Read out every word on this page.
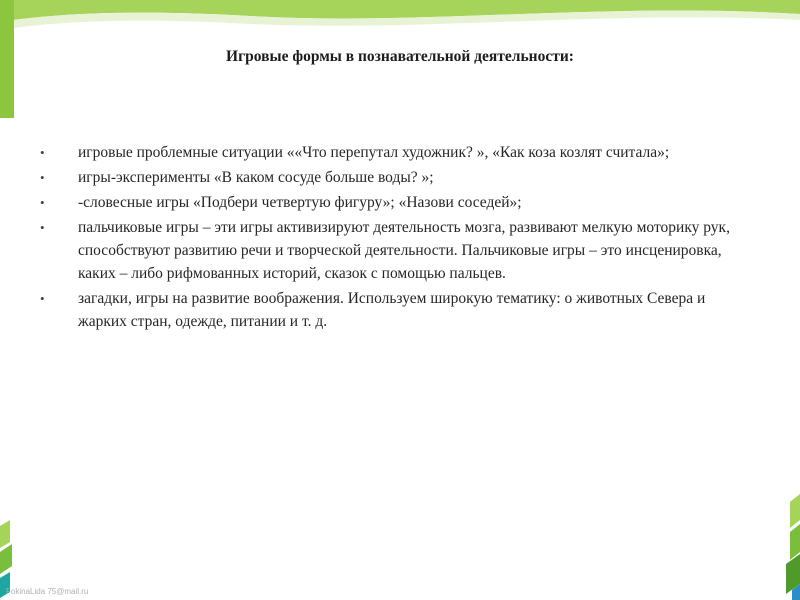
Игровые формы в познавательной деятельности:
• игровые проблемные ситуации ««Что перепутал художник? », «Как коза козлят считала»;
• игры-эксперименты «В каком сосуде больше воды? »;
• -словесные игры «Подбери четвертую фигуру»; «Назови соседей»;
• пальчиковые игры – эти игры активизируют деятельность мозга, развивают мелкую моторику рук, способствуют развитию речи и творческой деятельности. Пальчиковые игры – это инсценировка, каких – либо рифмованных историй, сказок с помощью пальцев.
• загадки, игры на развитие воображения. Используем широкую тематику: о животных Севера и жарких стран, одежде, питании и т. д.
FokinaLida 75@mail.ru
